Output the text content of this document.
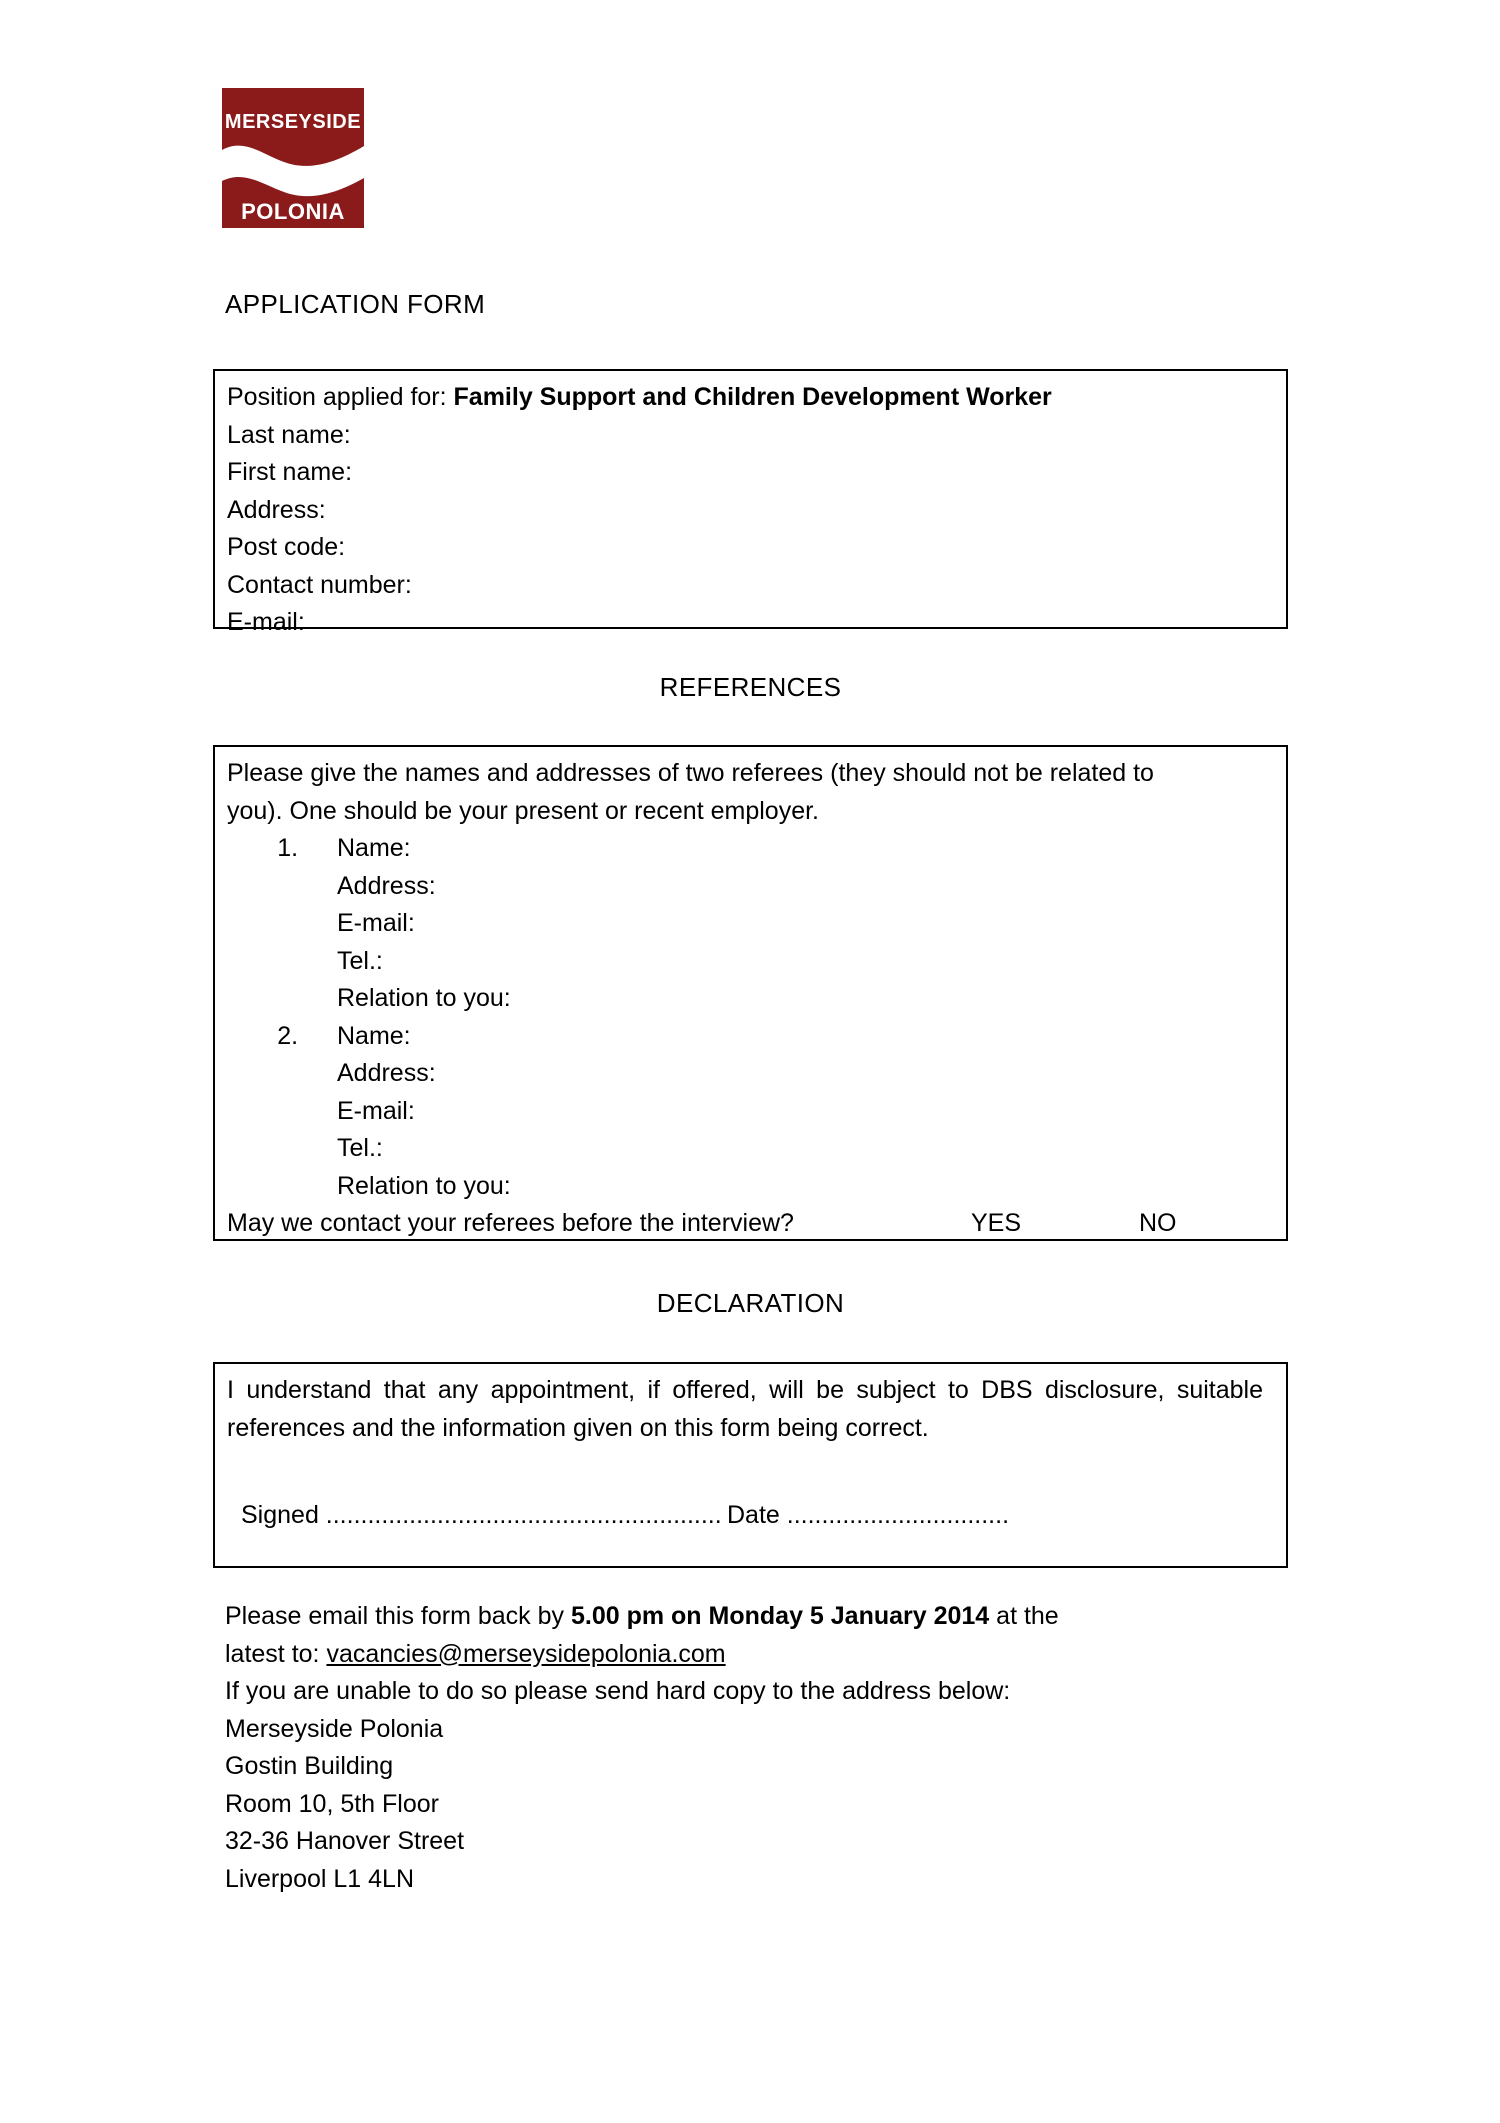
MERSEYSIDE
POLONIA
APPLICATION FORM
Position applied for: Family Support and Children Development Worker
Last name:
First name:
Address:
Post code:
Contact number:
E-mail:
REFERENCES
Please give the names and addresses of two referees (they should not be related to you). One should be your present or recent employer.
1. Name:
Address:
E-mail:
Tel.:
Relation to you:
2. Name:
Address:
E-mail:
Tel.:
Relation to you:
May we contact your referees before the interview?	YES	NO
DECLARATION
I understand that any appointment, if offered, will be subject to DBS disclosure, suitable references and the information given on this form being correct.
Signed ......................................................... Date ................................

Please email this form back by 5.00 pm on Monday 5 January 2014 at the

latest to: vacancies@merseysidepolonia.com

If you are unable to do so please send hard copy to the address below:

Merseyside Polonia

Gostin Building

Room 10, 5th Floor

32-36 Hanover Street

Liverpool L1 4LN
